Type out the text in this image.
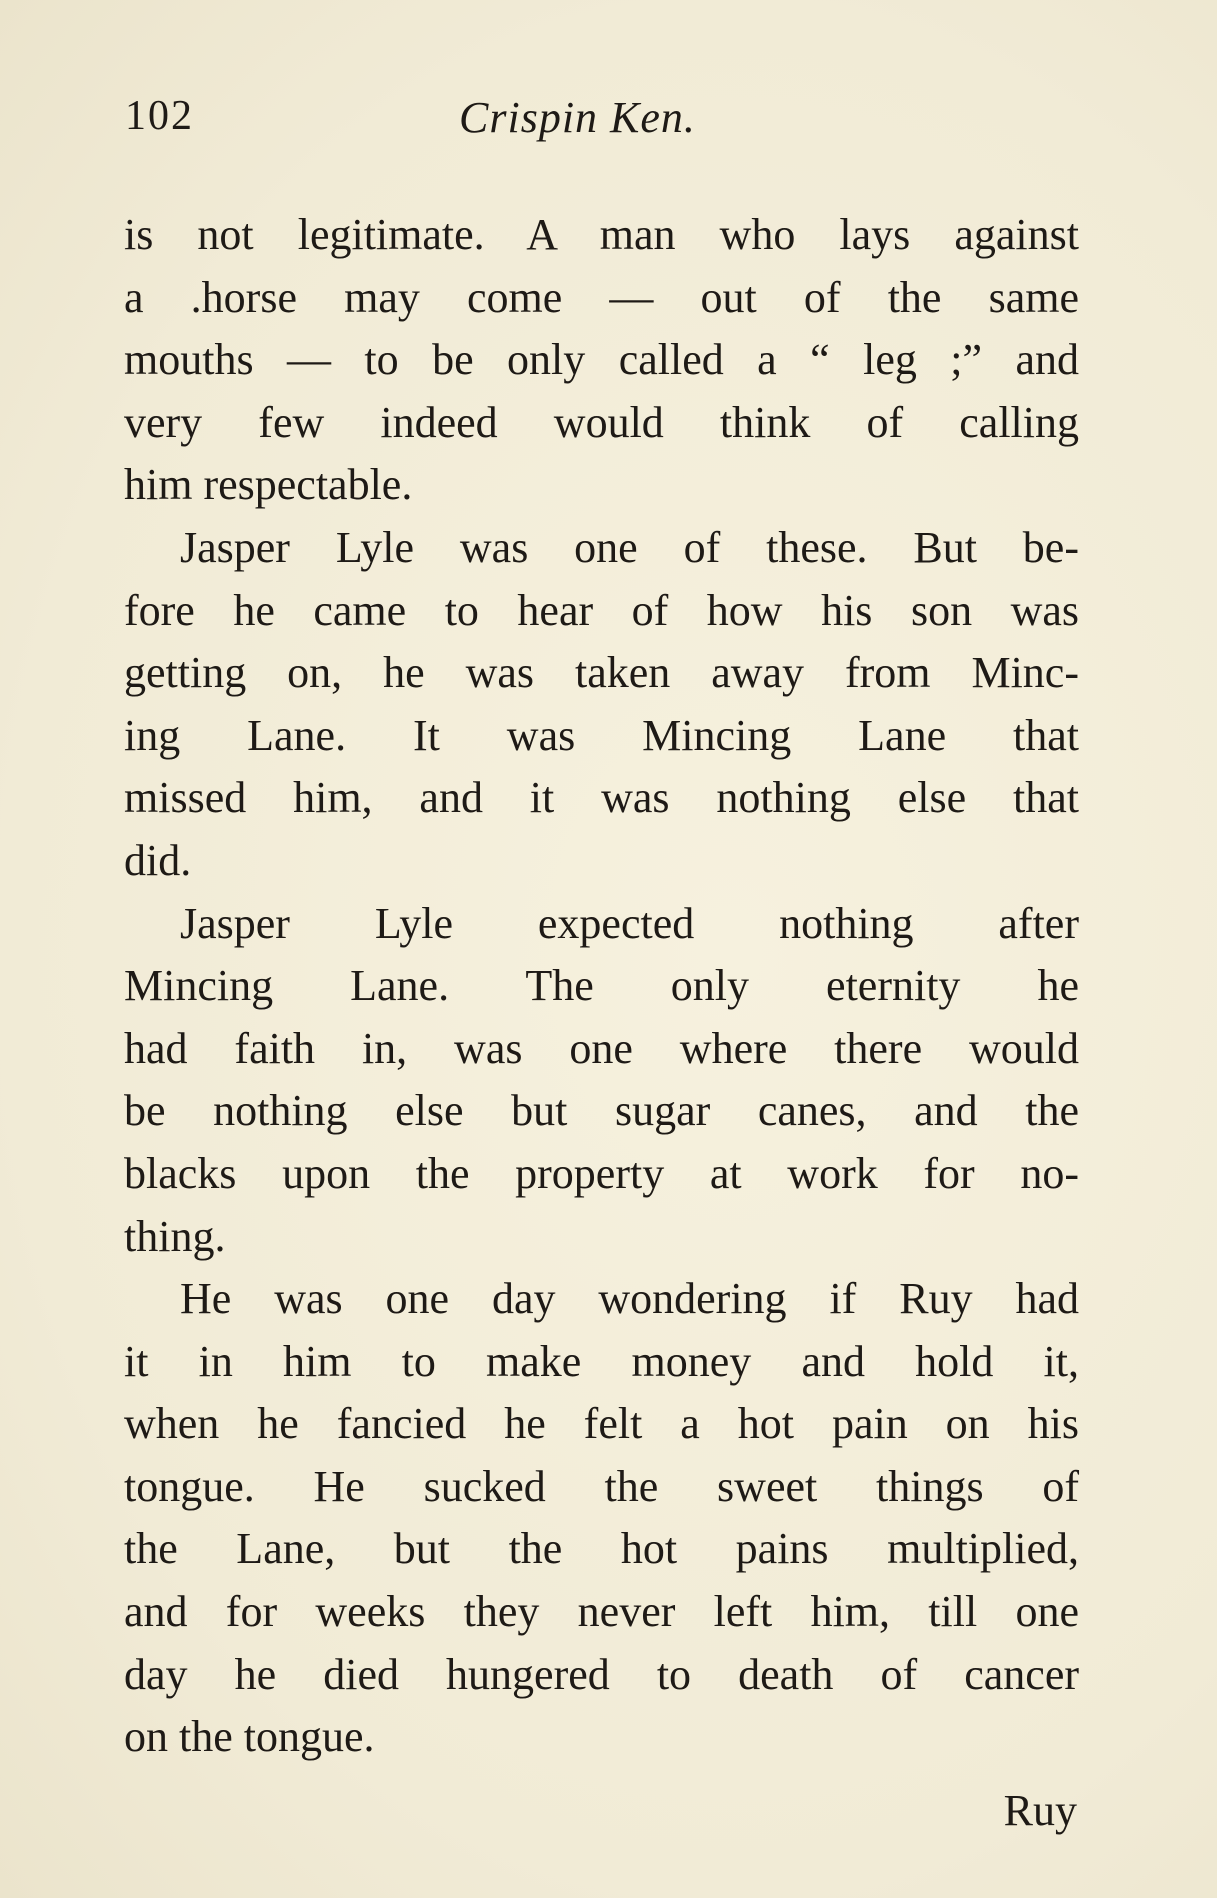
102	Crispin Ken.
is not legitimate. A man who lays against
a .horse may come — out of the same
mouths — to be only called a “ leg ;” and
very few indeed would think of calling
him respectable.
Jasper Lyle was one of these. But be-
fore he came to hear of how his son was
getting on, he was taken away from Minc-
ing Lane. It was Mincing Lane that
missed him, and it was nothing else that
did.
Jasper Lyle expected nothing after
Mincing Lane. The only eternity he
had faith in, was one where there would
be nothing else but sugar canes, and the
blacks upon the property at work for no-
thing.
He was one day wondering if Ruy had
it in him to make money and hold it,
when he fancied he felt a hot pain on his
tongue. He sucked the sweet things of
the Lane, but the hot pains multiplied,
and for weeks they never left him, till one
day he died hungered to death of cancer
on the tongue.
Ruy
